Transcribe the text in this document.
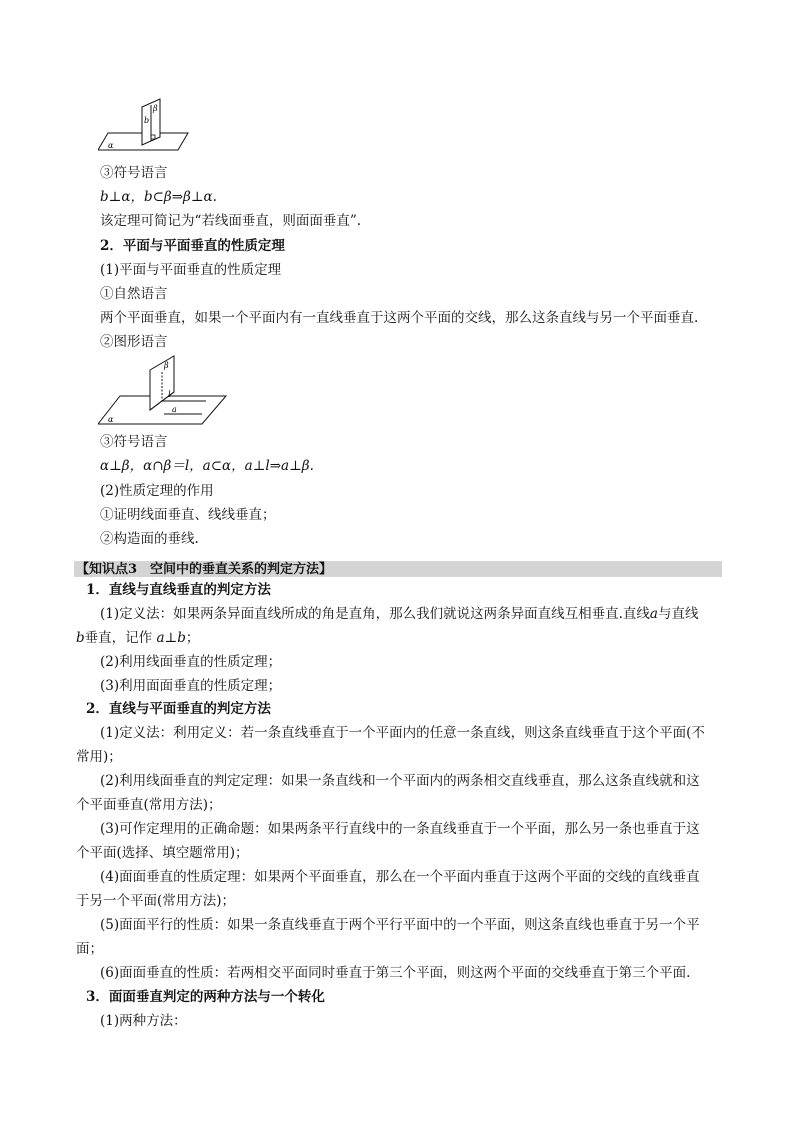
β
b
α
③符号语言
b⊥α，b⊂β⇒β⊥α.
该定理可简记为“若线面垂直，则面面垂直”.
2．平面与平面垂直的性质定理
(1)平面与平面垂直的性质定理
①自然语言
两个平面垂直，如果一个平面内有一直线垂直于这两个平面的交线，那么这条直线与另一个平面垂直.
②图形语言
β
l
a
α
③符号语言
α⊥β，α∩β＝l，a⊂α，a⊥l⇒a⊥β.
(2)性质定理的作用
①证明线面垂直、线线垂直；
②构造面的垂线.
【知识点3　空间中的垂直关系的判定方法】
1．直线与直线垂直的判定方法
(1)定义法：如果两条异面直线所成的角是直角，那么我们就说这两条异面直线互相垂直.直线a与直线
b垂直，记作 a⊥b；
(2)利用线面垂直的性质定理；
(3)利用面面垂直的性质定理；
2．直线与平面垂直的判定方法
(1)定义法：利用定义：若一条直线垂直于一个平面内的任意一条直线，则这条直线垂直于这个平面(不
常用)；
(2)利用线面垂直的判定定理：如果一条直线和一个平面内的两条相交直线垂直，那么这条直线就和这
个平面垂直(常用方法)；
(3)可作定理用的正确命题：如果两条平行直线中的一条直线垂直于一个平面，那么另一条也垂直于这
个平面(选择、填空题常用)；
(4)面面垂直的性质定理：如果两个平面垂直，那么在一个平面内垂直于这两个平面的交线的直线垂直
于另一个平面(常用方法)；
(5)面面平行的性质：如果一条直线垂直于两个平行平面中的一个平面，则这条直线也垂直于另一个平
面；
(6)面面垂直的性质：若两相交平面同时垂直于第三个平面，则这两个平面的交线垂直于第三个平面.
3．面面垂直判定的两种方法与一个转化
(1)两种方法：
